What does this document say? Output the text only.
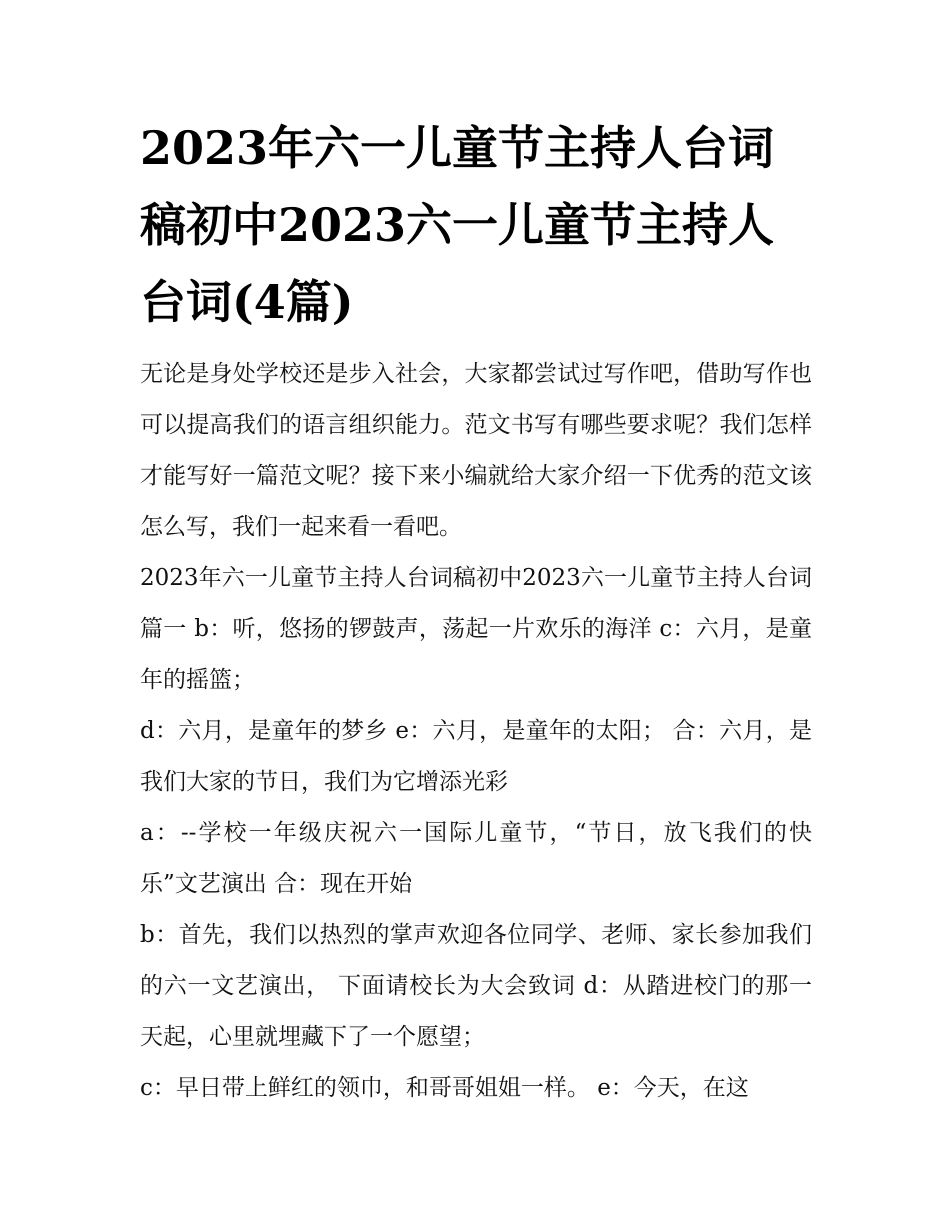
2023年六一儿童节主持人台词稿初中2023六一儿童节主持人台词(4篇)

无论是身处学校还是步入社会，大家都尝试过写作吧，借助写作也可以提高我们的语言组织能力。范文书写有哪些要求呢？我们怎样才能写好一篇范文呢？接下来小编就给大家介绍一下优秀的范文该怎么写，我们一起来看一看吧。

2023年六一儿童节主持人台词稿初中2023六一儿童节主持人台词篇一 b：听，悠扬的锣鼓声，荡起一片欢乐的海洋 c：六月，是童年的摇篮；

d：六月，是童年的梦乡 e：六月，是童年的太阳； 合：六月，是我们大家的节日，我们为它增添光彩

a：--学校一年级庆祝六一国际儿童节，“节日，放飞我们的快乐”文艺演出 合：现在开始

b：首先，我们以热烈的掌声欢迎各位同学、老师、家长参加我们的六一文艺演出， 下面请校长为大会致词 d：从踏进校门的那一天起，心里就埋藏下了一个愿望；

c：早日带上鲜红的领巾，和哥哥姐姐一样。 e：今天，在这
